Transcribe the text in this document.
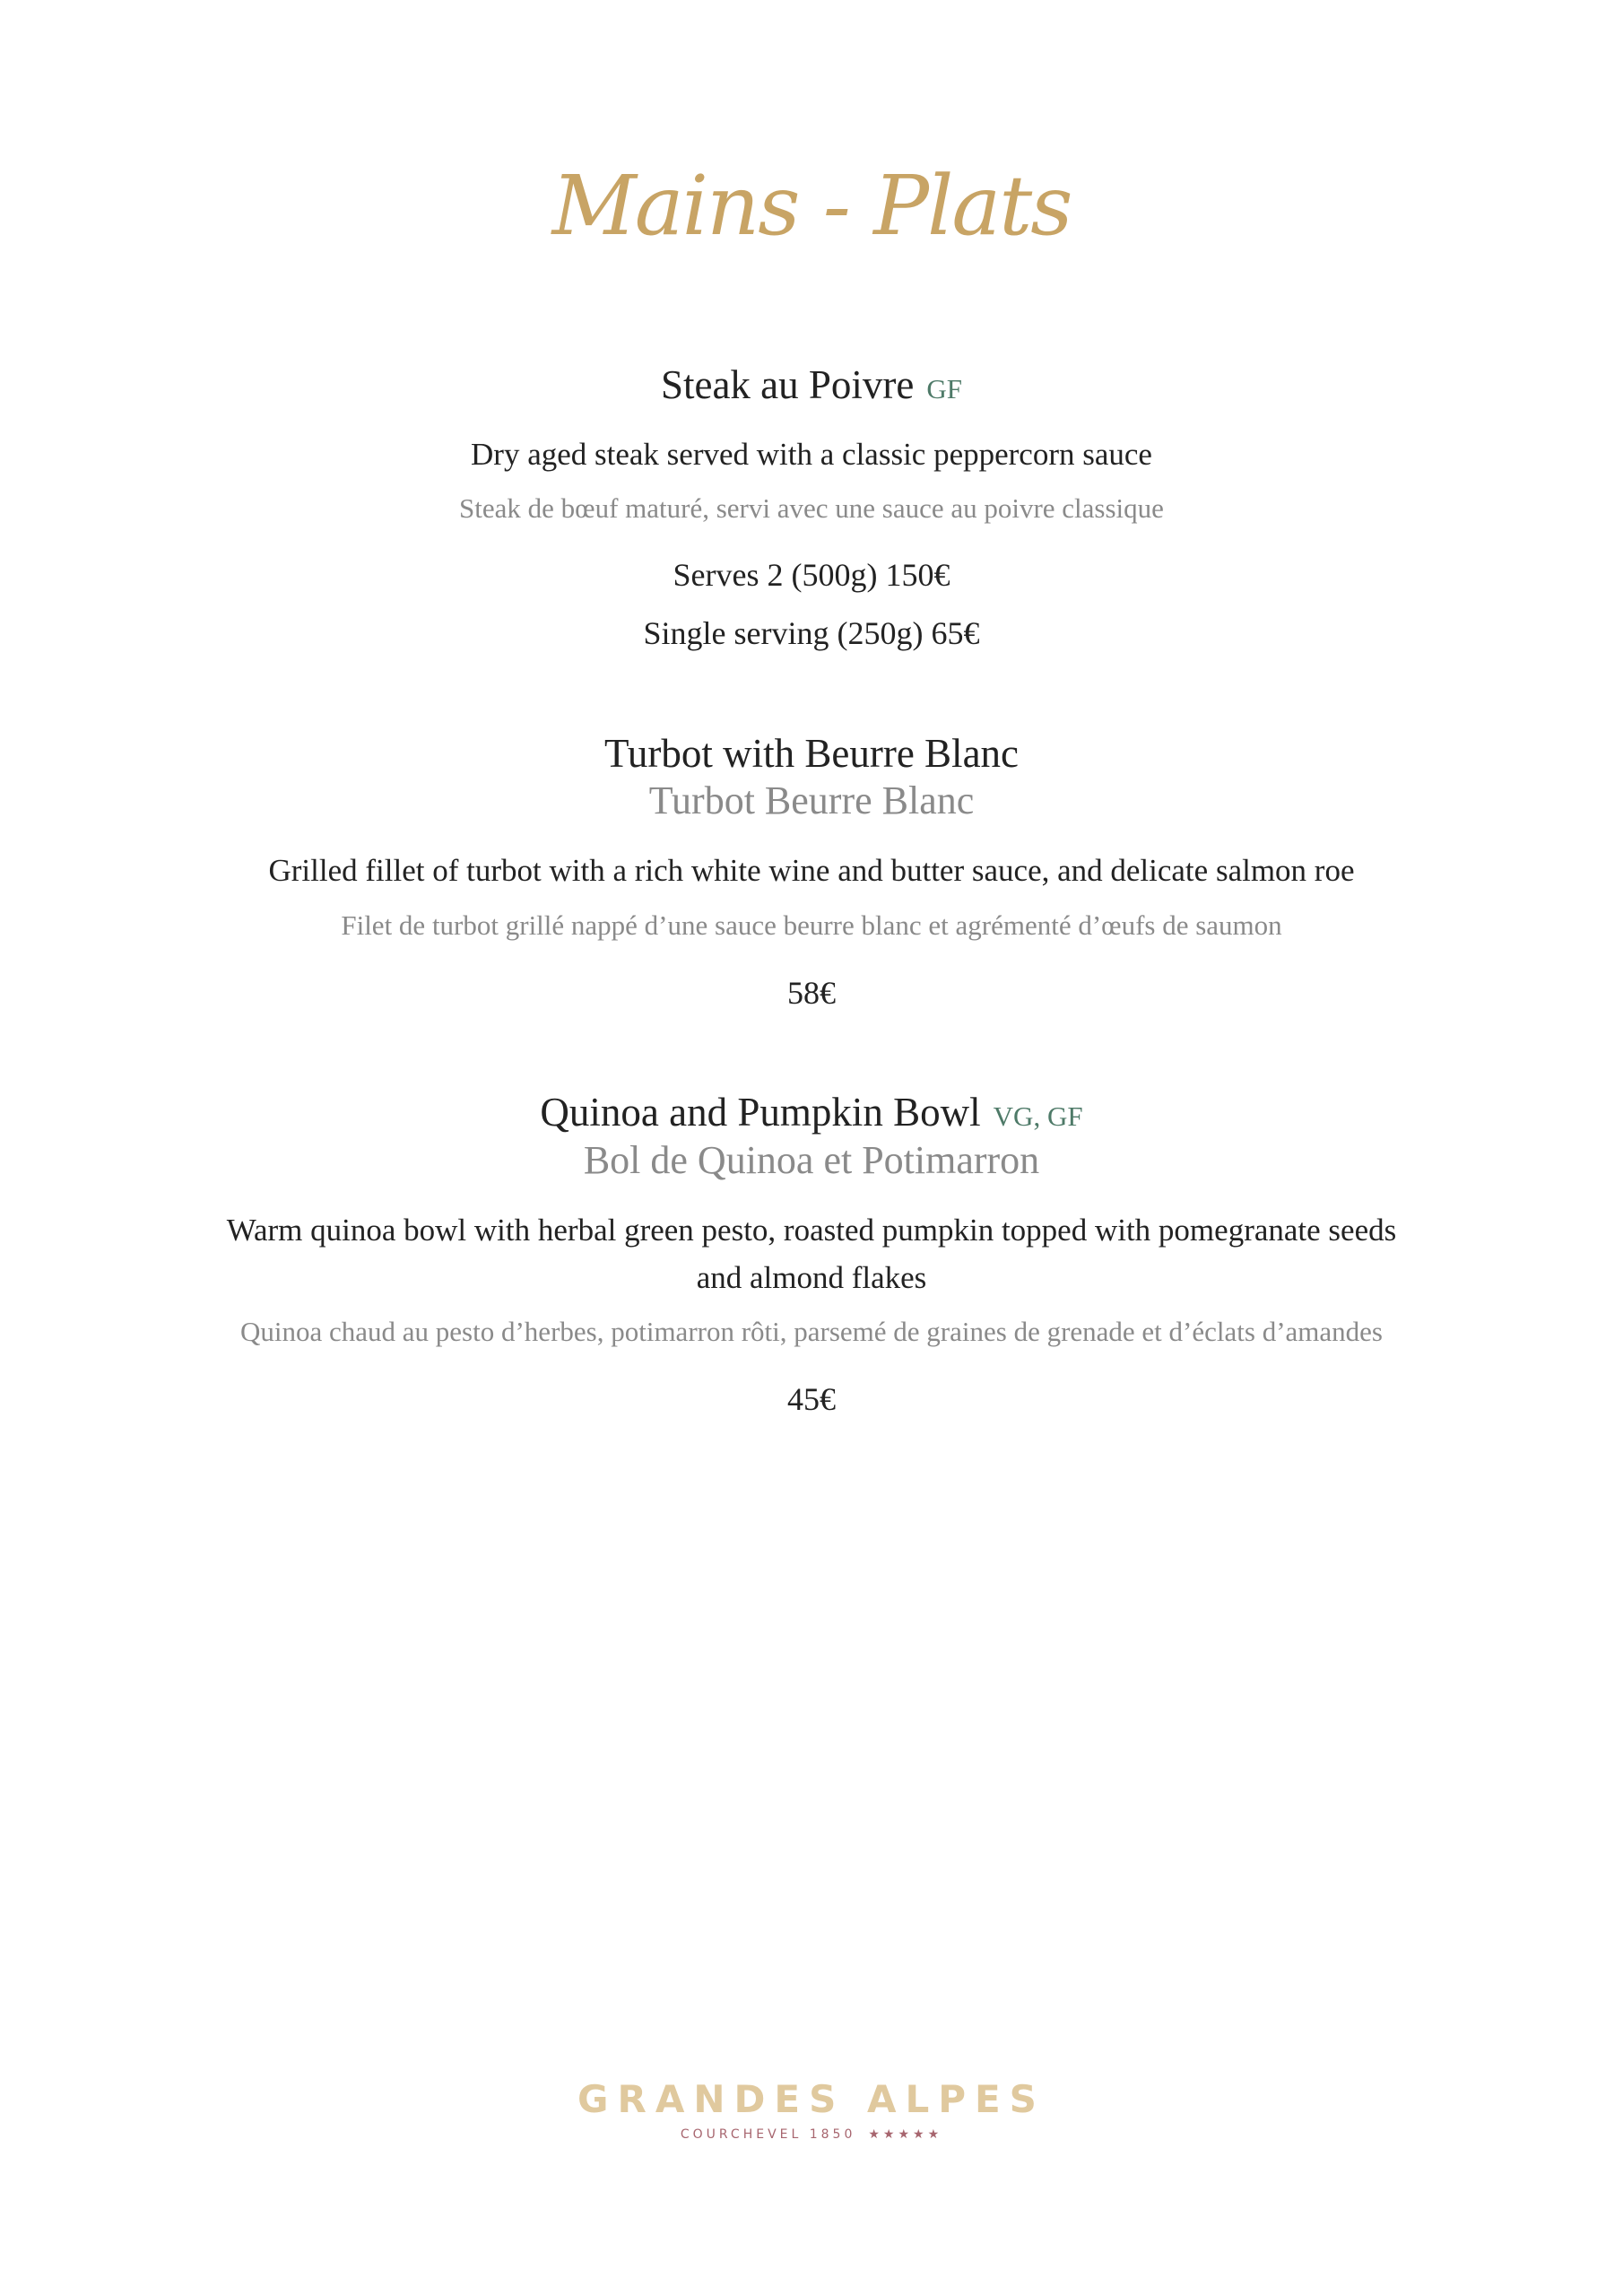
Mains - Plats
Steak au Poivre GF
Dry aged steak served with a classic peppercorn sauce
Steak de bœuf maturé, servi avec une sauce au poivre classique
Serves 2 (500g) 150€
Single serving (250g) 65€
Turbot with Beurre Blanc
Turbot Beurre Blanc
Grilled fillet of turbot with a rich white wine and butter sauce, and delicate salmon roe
Filet de turbot grillé nappé d’une sauce beurre blanc et agrémenté d’œufs de saumon
58€
Quinoa and Pumpkin Bowl VG, GF
Bol de Quinoa et Potimarron
Warm quinoa bowl with herbal green pesto, roasted pumpkin topped with pomegranate seeds
and almond flakes
Quinoa chaud au pesto d’herbes, potimarron rôti, parsemé de graines de grenade et d’éclats d’amandes
45€
GRANDES ALPES
COURCHEVEL 1850 ★★★★★
